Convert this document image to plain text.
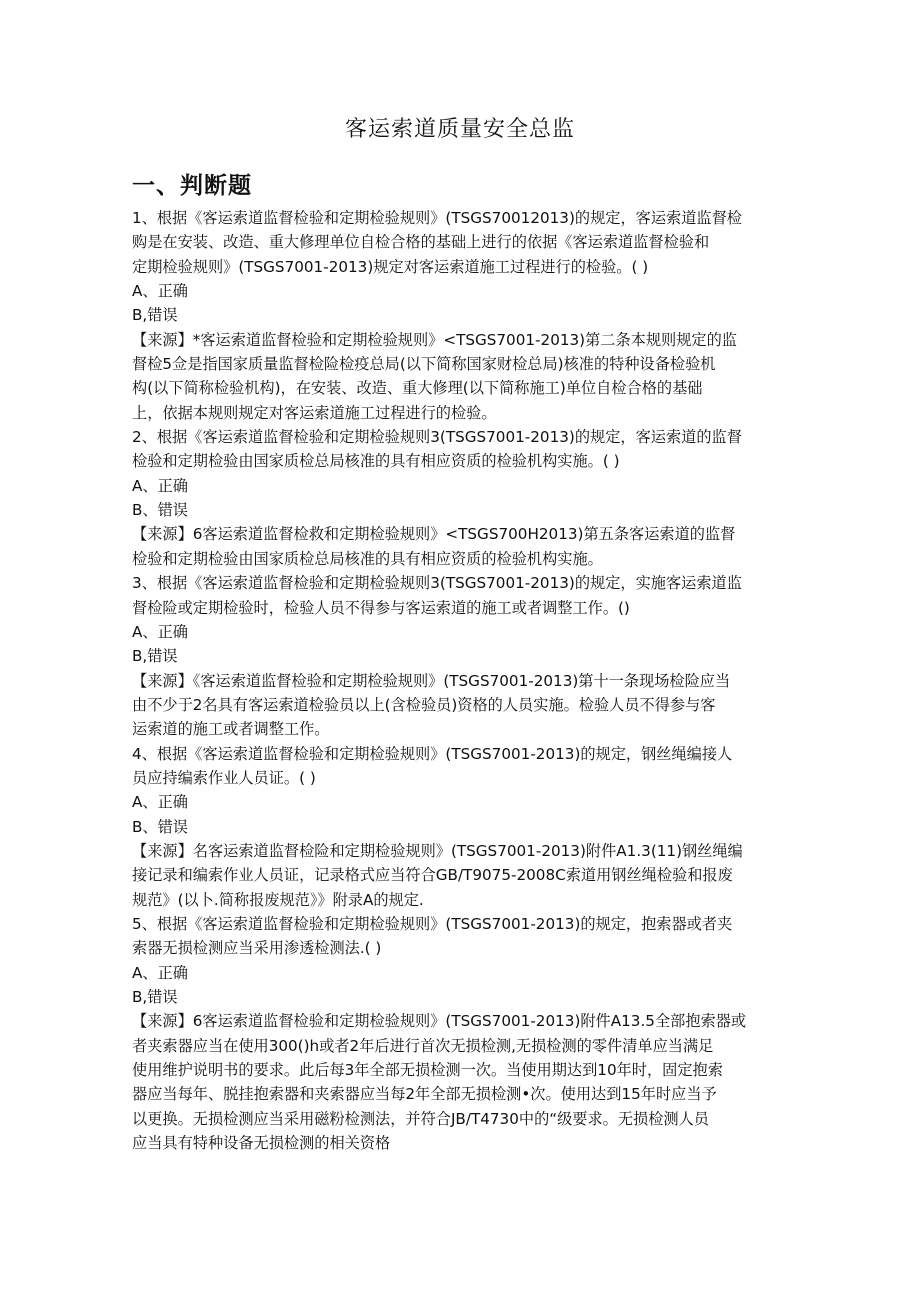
客运索道质量安全总监
一、判断题
1、根据《客运索道监督检验和定期检验规则》(TSGS70012013)的规定，客运索道监督检
购是在安装、改造、重大修理单位自检合格的基础上进行的依据《客运索道监督检验和
定期检验规则》(TSGS7001-2013)规定对客运索道施工过程进行的检验。( )
A、正确
B,错误
【来源】*客运索道监督检验和定期检验规则》<TSGS7001-2013)第二条本规则规定的监
督检5佥是指国家质量监督检险检疫总局(以下简称国家财检总局)核准的特种设备检验机
构(以下简称检验机构)，在安装、改造、重大修理(以下简称施工)单位自检合格的基础
上，依据本规则规定对客运索道施工过程进行的检验。
2、根据《客运索道监督检验和定期检验规则3(TSGS7001-2013)的规定，客运索道的监督
检验和定期检验由国家质检总局核准的具有相应资质的检验机构实施。( )
A、正确
B、错误
【来源】6客运索道监督检救和定期检验规则》<TSGS700H2013)第五条客运索道的监督
检验和定期检验由国家质检总局核准的具有相应资质的检验机构实施。
3、根据《客运索道监督检验和定期检验规则3(TSGS7001-2013)的规定，实施客运索道监
督检险或定期检验时，检验人员不得参与客运索道的施工或者调整工作。()
A、正确
B,错误
【来源】《客运索道监督检验和定期检验规则》(TSGS7001-2013)第十一条现场检险应当
由不少于2名具有客运索道检验员以上(含检验员)资格的人员实施。检验人员不得参与客
运索道的施工或者调整工作。
4、根据《客运索道监督检验和定期检验规则》(TSGS7001-2013)的规定，钢丝绳编接人
员应持编索作业人员证。( )
A、正确
B、错误
【来源】名客运索道监督检险和定期检验规则》(TSGS7001-2013)附件A1.3(11)钢丝绳编
接记录和编索作业人员证，记录格式应当符合GB/T9075-2008C索道用钢丝绳检验和报废
规范》(以卜.简称报废规范》》附录A的规定.
5、根据《客运索道监督检验和定期检验规则》(TSGS7001-2013)的规定，抱索器或者夹
索器无损检测应当采用渗透检测法.( )
A、正确
B,错误
【来源】6客运索道监督检验和定期检验规则》(TSGS7001-2013)附件A13.5全部抱索器或
者夹索器应当在使用300()h或者2年后进行首次无损检测,无损检测的零件清单应当满足
使用维护说明书的要求。此后每3年全部无损检测一次。当使用期达到10年时，固定抱索
器应当每年、脱挂抱索器和夹索器应当每2年全部无损检测•次。使用达到15年时应当予
以更换。无损检测应当采用磁粉检测法，并符合JB/T4730中的“级要求。无损检测人员
应当具有特种设备无损检测的相关资格
